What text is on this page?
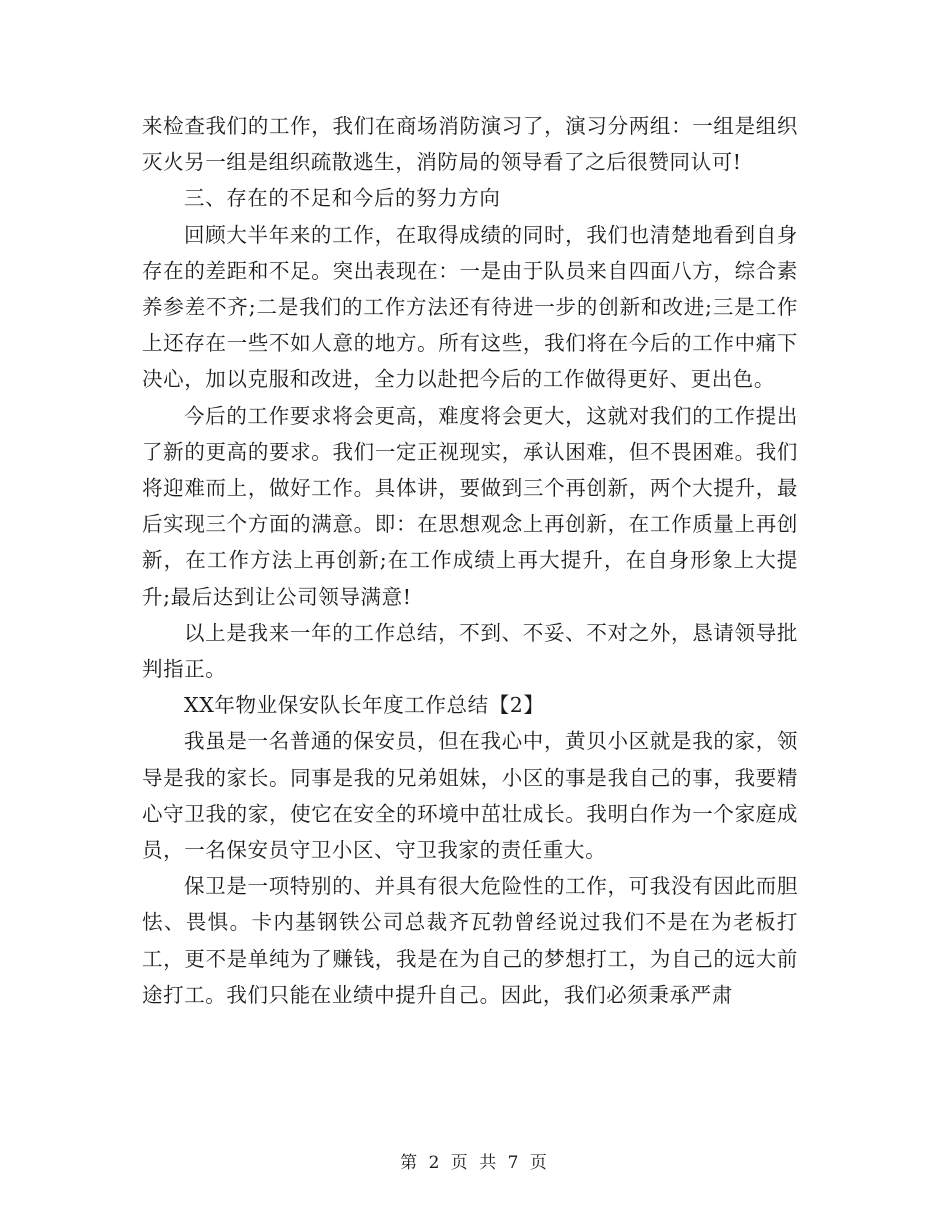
来检查我们的工作，我们在商场消防演习了，演习分两组：一组是组织灭火另一组是组织疏散逃生，消防局的领导看了之后很赞同认可!

三、存在的不足和今后的努力方向

回顾大半年来的工作，在取得成绩的同时，我们也清楚地看到自身存在的差距和不足。突出表现在：一是由于队员来自四面八方，综合素养参差不齐;二是我们的工作方法还有待进一步的创新和改进;三是工作上还存在一些不如人意的地方。所有这些，我们将在今后的工作中痛下决心，加以克服和改进，全力以赴把今后的工作做得更好、更出色。

今后的工作要求将会更高，难度将会更大，这就对我们的工作提出了新的更高的要求。我们一定正视现实，承认困难，但不畏困难。我们将迎难而上，做好工作。具体讲，要做到三个再创新，两个大提升，最后实现三个方面的满意。即：在思想观念上再创新，在工作质量上再创新，在工作方法上再创新;在工作成绩上再大提升，在自身形象上大提升;最后达到让公司领导满意!

以上是我来一年的工作总结，不到、不妥、不对之外，恳请领导批判指正。

XX年物业保安队长年度工作总结【2】

我虽是一名普通的保安员，但在我心中，黄贝小区就是我的家，领导是我的家长。同事是我的兄弟姐妹，小区的事是我自己的事，我要精心守卫我的家，使它在安全的环境中茁壮成长。我明白作为一个家庭成员，一名保安员守卫小区、守卫我家的责任重大。

保卫是一项特别的、并具有很大危险性的工作，可我没有因此而胆怯、畏惧。卡内基钢铁公司总裁齐瓦勃曾经说过我们不是在为老板打工，更不是单纯为了赚钱，我是在为自己的梦想打工，为自己的远大前途打工。我们只能在业绩中提升自己。因此，我们必须秉承严肃

第 2 页 共 7 页
